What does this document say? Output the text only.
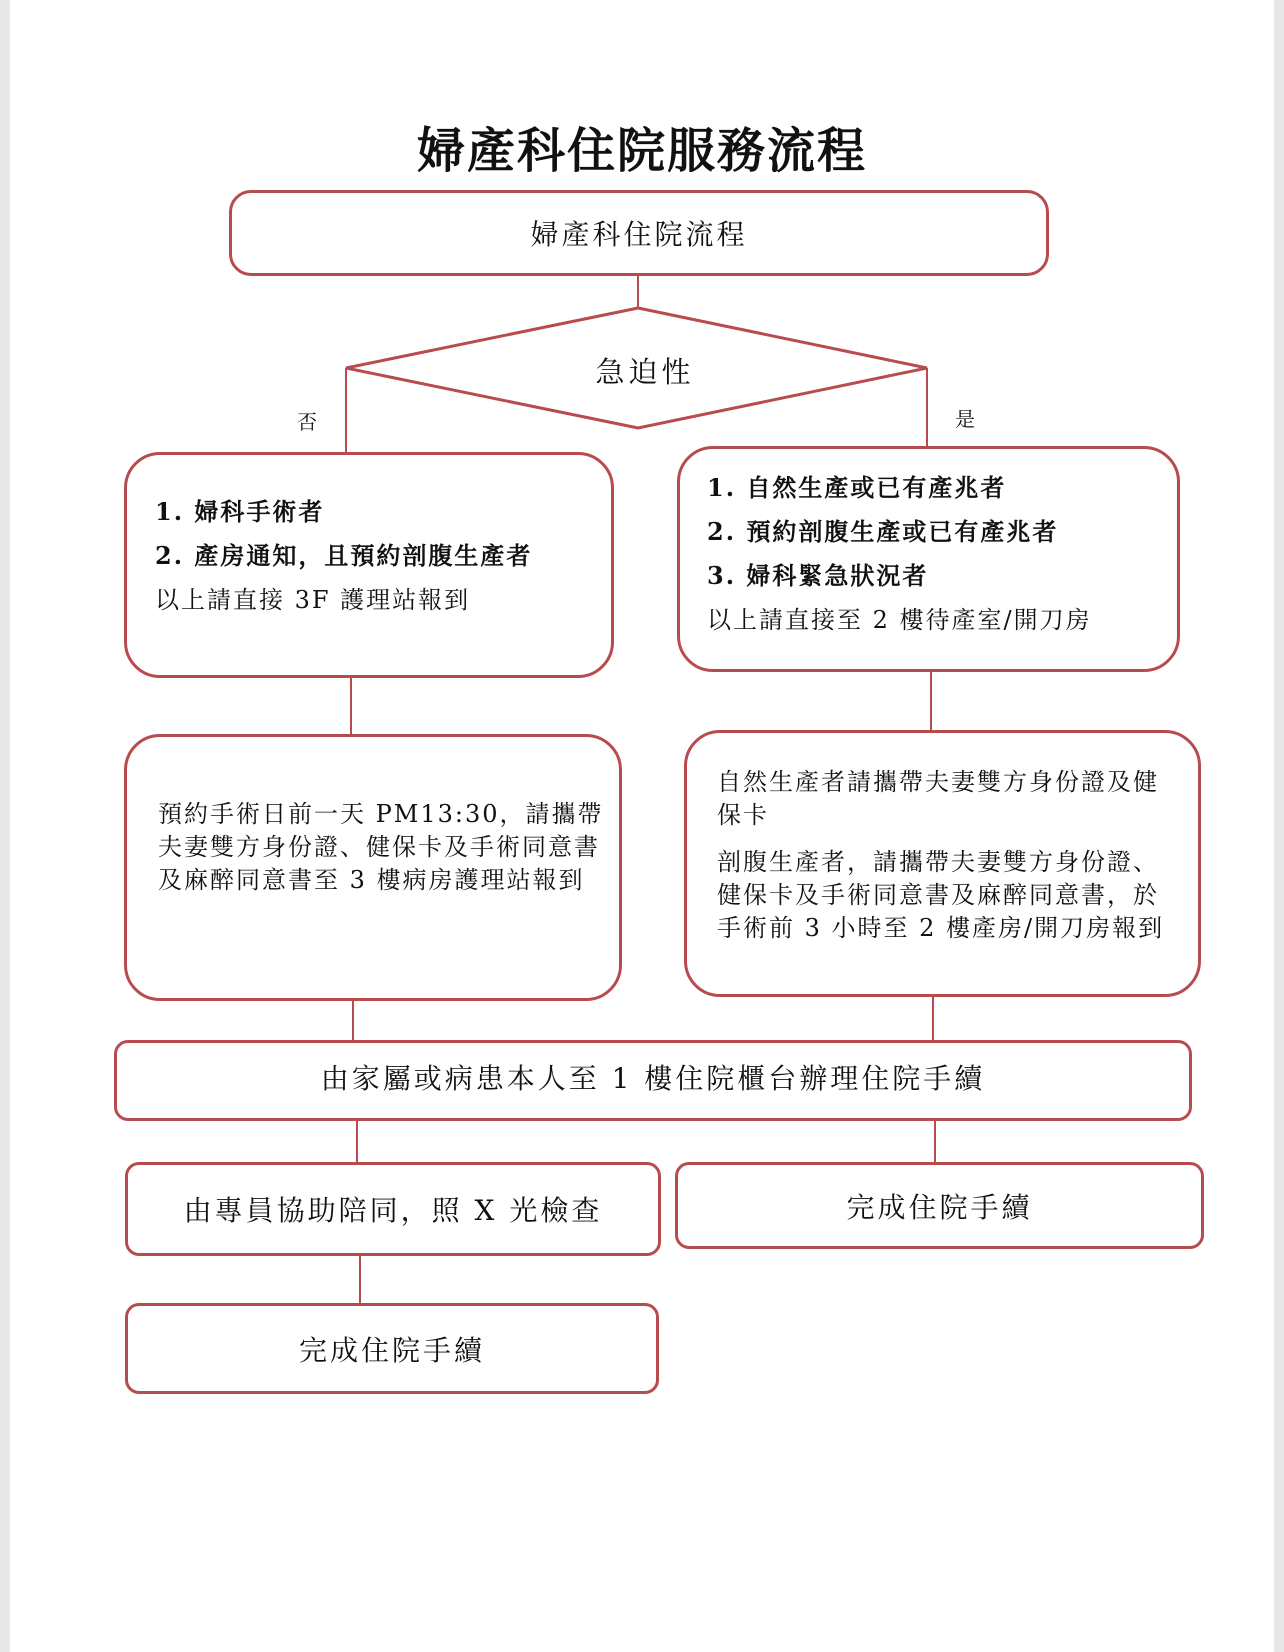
婦產科住院服務流程
婦產科住院流程
急迫性
否	是
1. 婦科手術者
2. 產房通知，且預約剖腹生產者
以上請直接 3F 護理站報到
1. 自然生產或已有產兆者
2. 預約剖腹生產或已有產兆者
3. 婦科緊急狀況者
以上請直接至 2 樓待產室/開刀房

預約手術日前一天 PM13:30，請攜帶夫妻雙方身份證、健保卡及手術同意書及麻醉同意書至 3 樓病房護理站報到

自然生產者請攜帶夫妻雙方身份證及健保卡

剖腹生產者，請攜帶夫妻雙方身份證、健保卡及手術同意書及麻醉同意書，於手術前 3 小時至 2 樓產房/開刀房報到

由家屬或病患本人至 1 樓住院櫃台辦理住院手續
由專員協助陪同，照 X 光檢查	完成住院手續
完成住院手續
